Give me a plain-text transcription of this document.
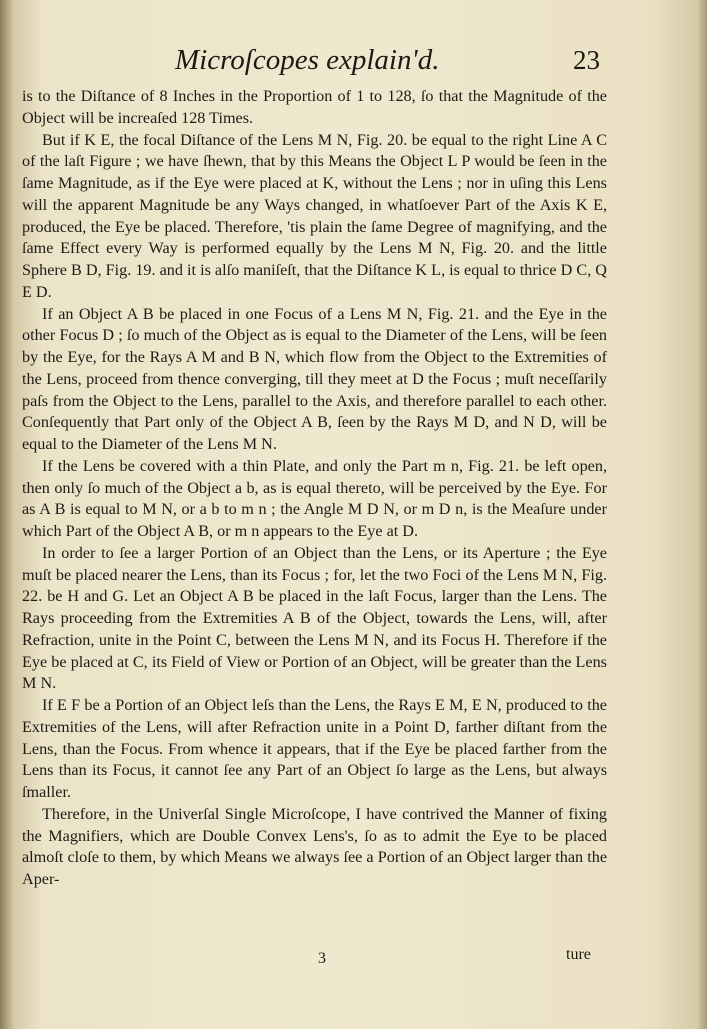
Microſcopes explain'd.	23

is to the Diſtance of 8 Inches in the Proportion of 1 to 128, ſo that the Magnitude of the Object will be increaſed 128 Times.

But if K E, the focal Diſtance of the Lens M N, Fig. 20. be equal to the right Line A C of the laſt Figure ; we have ſhewn, that by this Means the Object L P would be ſeen in the ſame Magnitude, as if the Eye were placed at K, without the Lens ; nor in uſing this Lens will the apparent Magnitude be any Ways changed, in whatſoever Part of the Axis K E, produced, the Eye be placed. Therefore, 'tis plain the ſame Degree of magnifying, and the ſame Effect every Way is performed equally by the Lens M N, Fig. 20. and the little Sphere B D, Fig. 19. and it is alſo maniſeſt, that the Diſtance K L, is equal to thrice D C, Q E D.

If an Object A B be placed in one Focus of a Lens M N, Fig. 21. and the Eye in the other Focus D ; ſo much of the Object as is equal to the Diameter of the Lens, will be ſeen by the Eye, for the Rays A M and B N, which flow from the Object to the Extremities of the Lens, proceed from thence converging, till they meet at D the Focus ; muſt neceſſarily paſs from the Object to the Lens, parallel to the Axis, and therefore parallel to each other. Conſequently that Part only of the Object A B, ſeen by the Rays M D, and N D, will be equal to the Diameter of the Lens M N.

If the Lens be covered with a thin Plate, and only the Part m n, Fig. 21. be left open, then only ſo much of the Object a b, as is equal thereto, will be perceived by the Eye. For as A B is equal to M N, or a b to m n ; the Angle M D N, or m D n, is the Meaſure under which Part of the Object A B, or m n appears to the Eye at D.

In order to ſee a larger Portion of an Object than the Lens, or its Aperture ; the Eye muſt be placed nearer the Lens, than its Focus ; for, let the two Foci of the Lens M N, Fig. 22. be H and G. Let an Object A B be placed in the laſt Focus, larger than the Lens. The Rays proceeding from the Extremities A B of the Object, towards the Lens, will, after Refraction, unite in the Point C, between the Lens M N, and its Focus H. Therefore if the Eye be placed at C, its Field of View or Portion of an Object, will be greater than the Lens M N.

If E F be a Portion of an Object leſs than the Lens, the Rays E M, E N, produced to the Extremities of the Lens, will after Refraction unite in a Point D, farther diſtant from the Lens, than the Focus. From whence it appears, that if the Eye be placed farther from the Lens than its Focus, it cannot ſee any Part of an Object ſo large as the Lens, but always ſmaller.

Therefore, in the Univerſal Single Microſcope, I have contrived the Manner of fixing the Magnifiers, which are Double Convex Lens's, ſo as to admit the Eye to be placed almoſt cloſe to them, by which Means we always ſee a Portion of an Object larger than the Aper-

3	ture
